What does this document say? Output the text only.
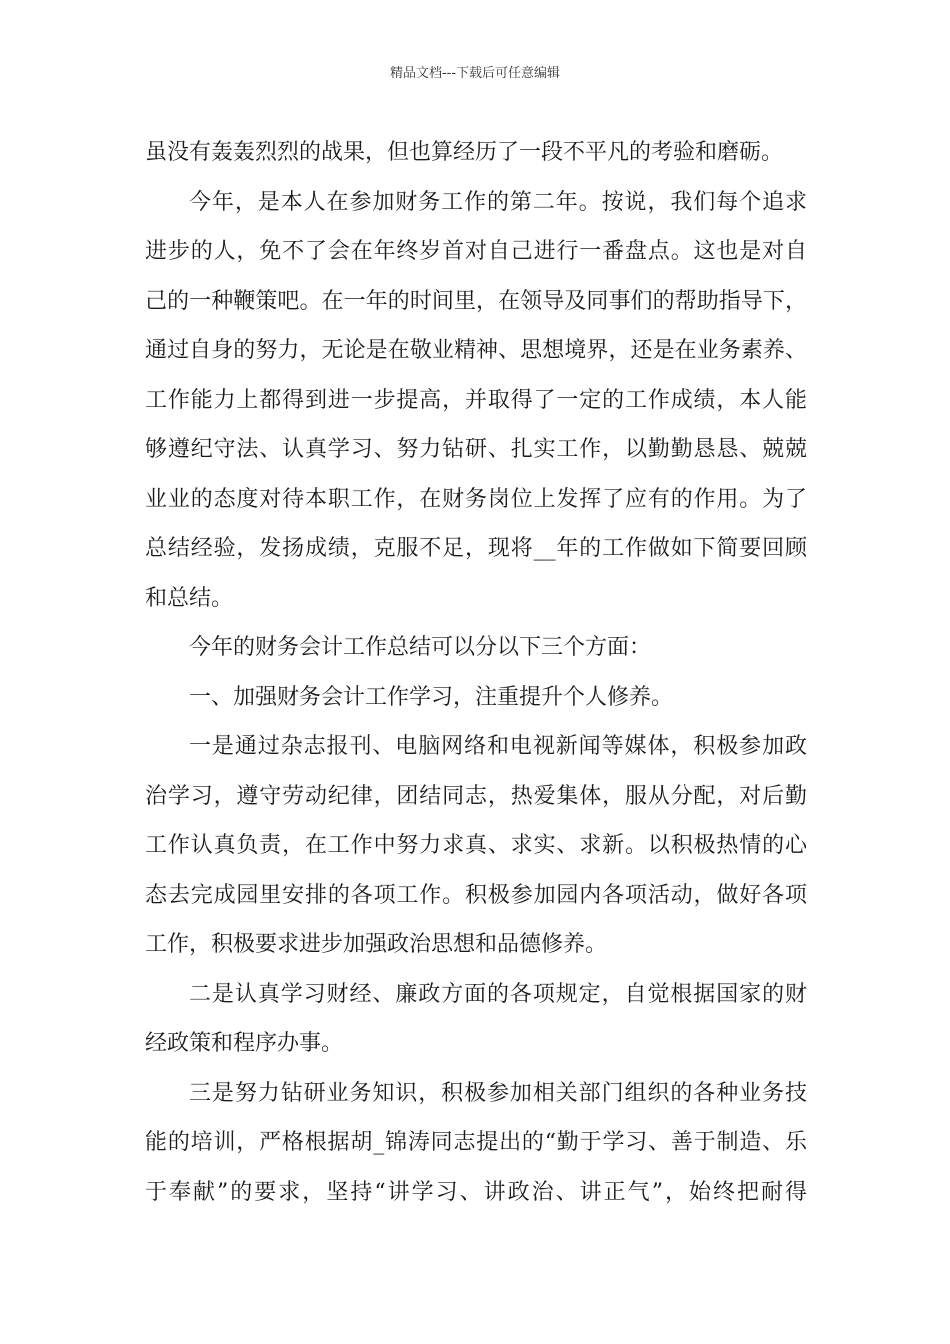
精品文档---下载后可任意编辑
虽没有轰轰烈烈的战果，但也算经历了一段不平凡的考验和磨砺。
今年，是本人在参加财务工作的第二年。按说，我们每个追求
进步的人，免不了会在年终岁首对自己进行一番盘点。这也是对自
己的一种鞭策吧。在一年的时间里，在领导及同事们的帮助指导下，
通过自身的努力，无论是在敬业精神、思想境界，还是在业务素养、
工作能力上都得到进一步提高，并取得了一定的工作成绩，本人能
够遵纪守法、认真学习、努力钻研、扎实工作，以勤勤恳恳、兢兢
业业的态度对待本职工作，在财务岗位上发挥了应有的作用。为了
总结经验，发扬成绩，克服不足，现将__年的工作做如下简要回顾
和总结。
今年的财务会计工作总结可以分以下三个方面：
一、加强财务会计工作学习，注重提升个人修养。
一是通过杂志报刊、电脑网络和电视新闻等媒体，积极参加政
治学习，遵守劳动纪律，团结同志，热爱集体，服从分配，对后勤
工作认真负责，在工作中努力求真、求实、求新。以积极热情的心
态去完成园里安排的各项工作。积极参加园内各项活动，做好各项
工作，积极要求进步加强政治思想和品德修养。
二是认真学习财经、廉政方面的各项规定，自觉根据国家的财
经政策和程序办事。
三是努力钻研业务知识，积极参加相关部门组织的各种业务技
能的培训，严格根据胡_锦涛同志提出的“勤于学习、善于制造、乐
于奉献”的要求，坚持“讲学习、讲政治、讲正气”，始终把耐得
